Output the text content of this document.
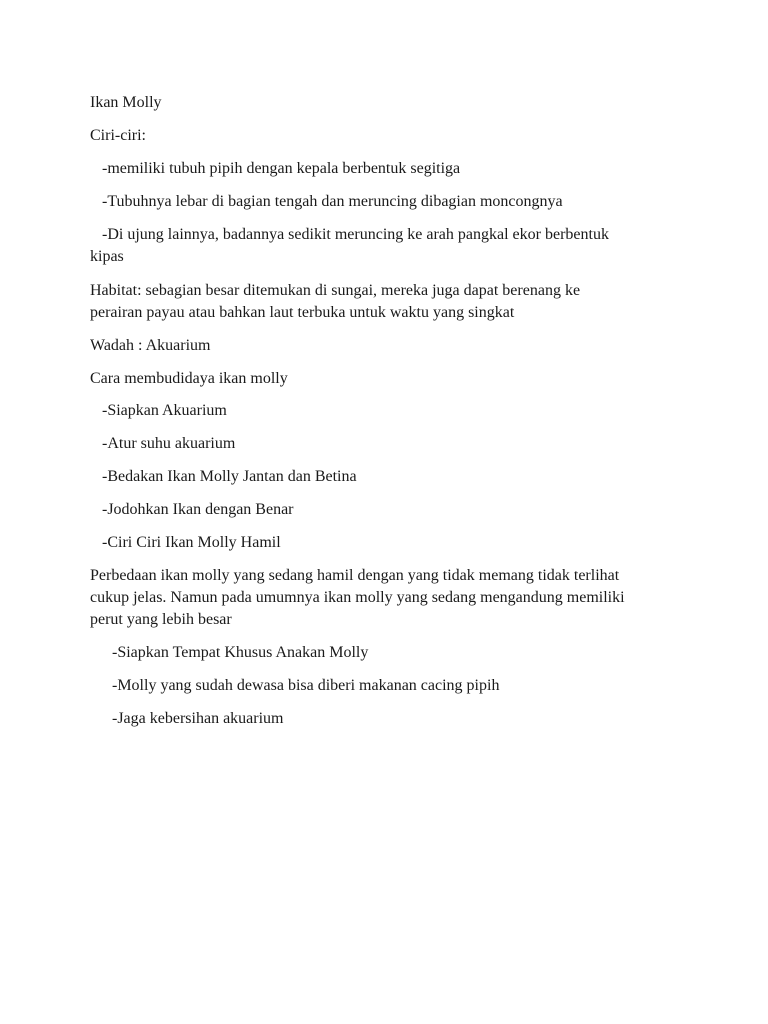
Ikan Molly

Ciri-ciri:

-memiliki tubuh pipih dengan kepala berbentuk segitiga

-Tubuhnya lebar di bagian tengah dan meruncing dibagian moncongnya

-Di ujung lainnya, badannya sedikit meruncing ke arah pangkal ekor berbentuk

kipas

Habitat: sebagian besar ditemukan di sungai, mereka juga dapat berenang ke

perairan payau atau bahkan laut terbuka untuk waktu yang singkat

Wadah : Akuarium

Cara membudidaya ikan molly

-Siapkan Akuarium

-Atur suhu akuarium

-Bedakan Ikan Molly Jantan dan Betina

-Jodohkan Ikan dengan Benar

-Ciri Ciri Ikan Molly Hamil

Perbedaan ikan molly yang sedang hamil dengan yang tidak memang tidak terlihat

cukup jelas. Namun pada umumnya ikan molly yang sedang mengandung memiliki

perut yang lebih besar

-Siapkan Tempat Khusus Anakan Molly

-Molly yang sudah dewasa bisa diberi makanan cacing pipih

-Jaga kebersihan akuarium
